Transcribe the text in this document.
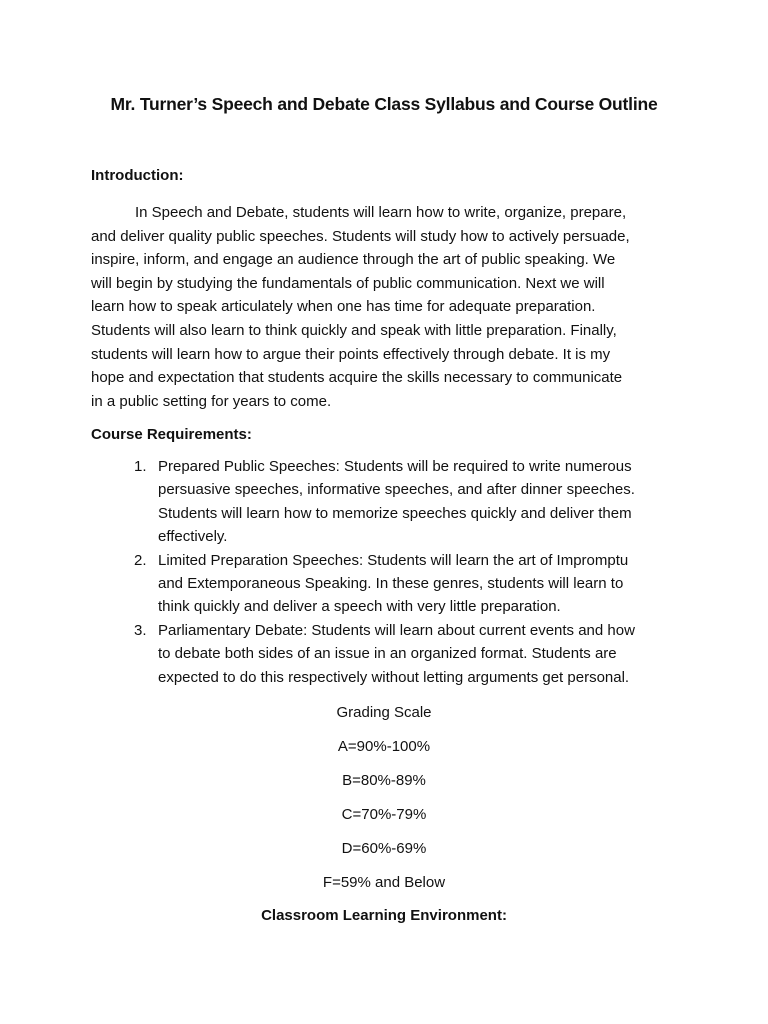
Mr. Turner’s Speech and Debate Class Syllabus and Course Outline
Introduction:
In Speech and Debate, students will learn how to write, organize, prepare,
and deliver quality public speeches. Students will study how to actively persuade,
inspire, inform, and engage an audience through the art of public speaking. We
will begin by studying the fundamentals of public communication. Next we will
learn how to speak articulately when one has time for adequate preparation.
Students will also learn to think quickly and speak with little preparation. Finally,
students will learn how to argue their points effectively through debate. It is my
hope and expectation that students acquire the skills necessary to communicate
in a public setting for years to come.
Course Requirements:
1. Prepared Public Speeches: Students will be required to write numerous
persuasive speeches, informative speeches, and after dinner speeches.
Students will learn how to memorize speeches quickly and deliver them
effectively.
2. Limited Preparation Speeches: Students will learn the art of Impromptu
and Extemporaneous Speaking. In these genres, students will learn to
think quickly and deliver a speech with very little preparation.
3. Parliamentary Debate: Students will learn about current events and how
to debate both sides of an issue in an organized format. Students are
expected to do this respectively without letting arguments get personal.
Grading Scale
A=90%-100%
B=80%-89%
C=70%-79%
D=60%-69%
F=59% and Below
Classroom Learning Environment:
